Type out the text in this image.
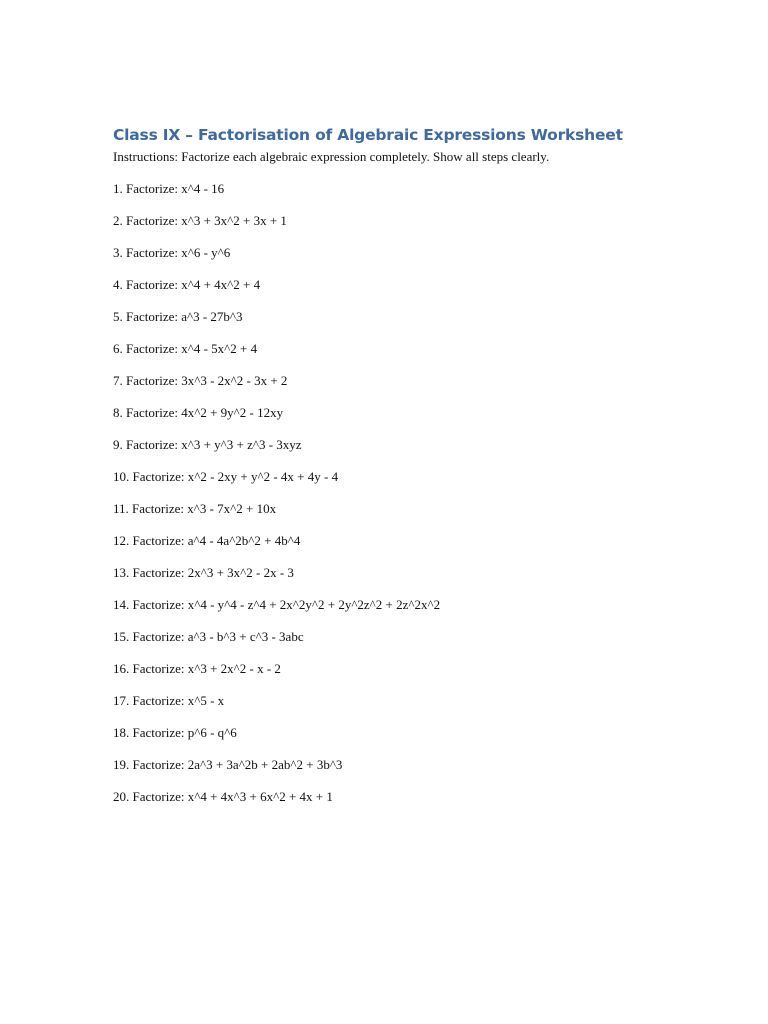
Class IX – Factorisation of Algebraic Expressions Worksheet

Instructions: Factorize each algebraic expression completely. Show all steps clearly.

1. Factorize: x^4 - 16
2. Factorize: x^3 + 3x^2 + 3x + 1
3. Factorize: x^6 - y^6
4. Factorize: x^4 + 4x^2 + 4
5. Factorize: a^3 - 27b^3
6. Factorize: x^4 - 5x^2 + 4
7. Factorize: 3x^3 - 2x^2 - 3x + 2
8. Factorize: 4x^2 + 9y^2 - 12xy
9. Factorize: x^3 + y^3 + z^3 - 3xyz
10. Factorize: x^2 - 2xy + y^2 - 4x + 4y - 4
11. Factorize: x^3 - 7x^2 + 10x
12. Factorize: a^4 - 4a^2b^2 + 4b^4
13. Factorize: 2x^3 + 3x^2 - 2x - 3
14. Factorize: x^4 - y^4 - z^4 + 2x^2y^2 + 2y^2z^2 + 2z^2x^2
15. Factorize: a^3 - b^3 + c^3 - 3abc
16. Factorize: x^3 + 2x^2 - x - 2
17. Factorize: x^5 - x
18. Factorize: p^6 - q^6
19. Factorize: 2a^3 + 3a^2b + 2ab^2 + 3b^3
20. Factorize: x^4 + 4x^3 + 6x^2 + 4x + 1
